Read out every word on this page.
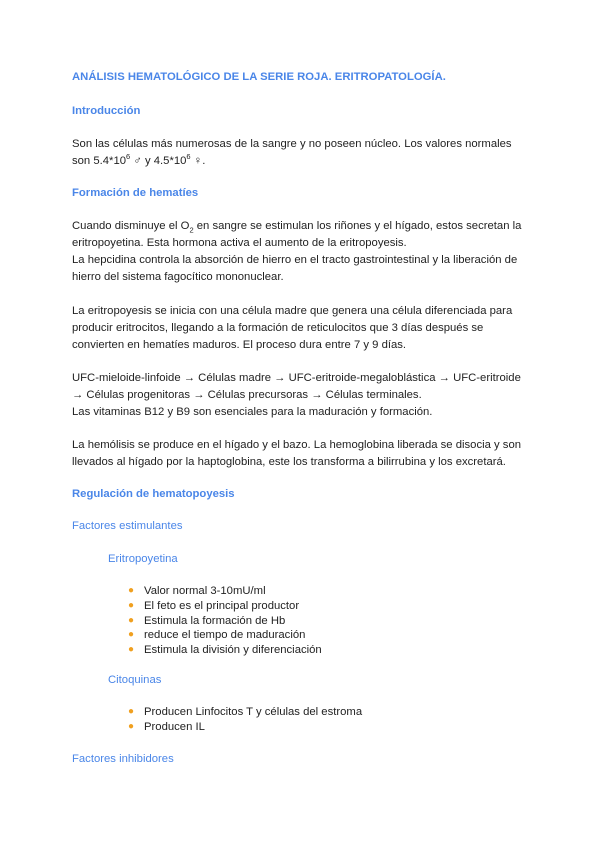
ANÁLISIS HEMATOLÓGICO DE LA SERIE ROJA. ERITROPATOLOGÍA.

Introducción

Son las células más numerosas de la sangre y no poseen núcleo. Los valores normales son $5.4*10^6$ ♂ y $4.5*10^6$ ♀.

Formación de hematíes

Cuando disminuye el $O_2$ en sangre se estimulan los riñones y el hígado, estos secretan la eritropoyetina. Esta hormona activa el aumento de la eritropoyesis.
La hepcidina controla la absorción de hierro en el tracto gastrointestinal y la liberación de hierro del sistema fagocítico mononuclear.

La eritropoyesis se inicia con una célula madre que genera una célula diferenciada para producir eritrocitos, llegando a la formación de reticulocitos que 3 días después se convierten en hematíes maduros. El proceso dura entre 7 y 9 días.

UFC-mieloide-linfoide → Células madre → UFC-eritroide-megaloblástica → UFC-eritroide → Células progenitoras → Células precursoras → Células terminales.
Las vitaminas B12 y B9 son esenciales para la maduración y formación.

La hemólisis se produce en el hígado y el bazo. La hemoglobina liberada se disocia y son llevados al hígado por la haptoglobina, este los transforma a bilirrubina y los excretará.

Regulación de hematopoyesis

Factores estimulantes

Eritropoyetina

● Valor normal 3-10mU/ml
● El feto es el principal productor
● Estimula la formación de Hb
● reduce el tiempo de maduración
● Estimula la división y diferenciación

Citoquinas

● Producen Linfocitos T y células del estroma
● Producen IL

Factores inhibidores
